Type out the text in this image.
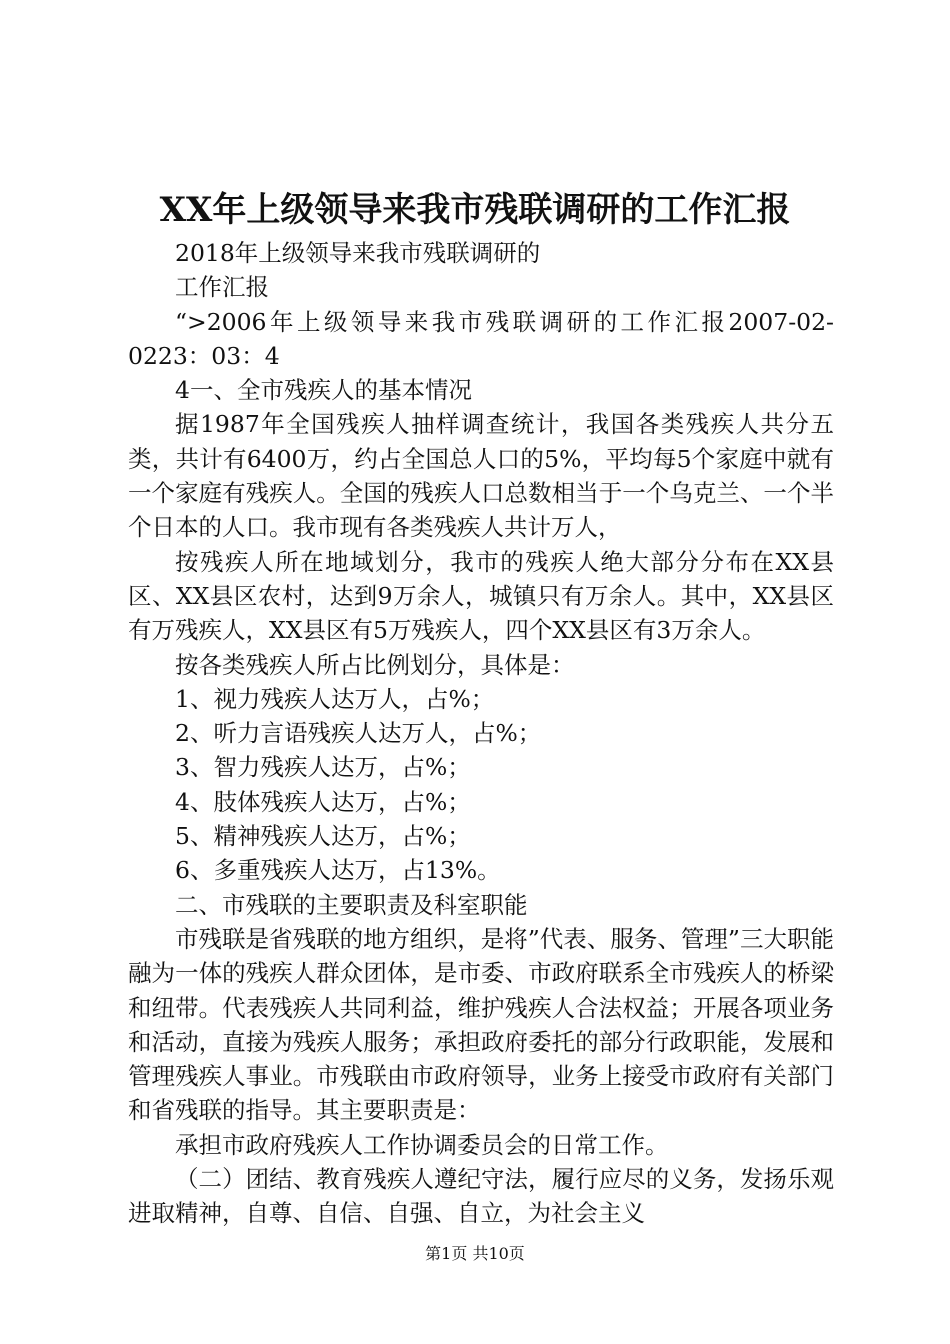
XX年上级领导来我市残联调研的工作汇报

2018年上级领导来我市残联调研的

工作汇报

“>2006年上级领导来我市残联调研的工作汇报2007-02-0223：03：4

4一、全市残疾人的基本情况

据1987年全国残疾人抽样调查统计，我国各类残疾人共分五类，共计有6400万，约占全国总人口的5%，平均每5个家庭中就有一个家庭有残疾人。全国的残疾人口总数相当于一个乌克兰、一个半个日本的人口。我市现有各类残疾人共计万人，

按残疾人所在地域划分，我市的残疾人绝大部分分布在XX县区、XX县区农村，达到9万余人，城镇只有万余人。其中，XX县区有万残疾人，XX县区有5万残疾人，四个XX县区有3万余人。

按各类残疾人所占比例划分，具体是：

1、视力残疾人达万人，占%；

2、听力言语残疾人达万人，占%；

3、智力残疾人达万，占%；

4、肢体残疾人达万，占%；

5、精神残疾人达万，占%；

6、多重残疾人达万，占13%。

二、市残联的主要职责及科室职能

市残联是省残联的地方组织，是将”代表、服务、管理”三大职能融为一体的残疾人群众团体，是市委、市政府联系全市残疾人的桥梁和纽带。代表残疾人共同利益，维护残疾人合法权益；开展各项业务和活动，直接为残疾人服务；承担政府委托的部分行政职能，发展和管理残疾人事业。市残联由市政府领导，业务上接受市政府有关部门和省残联的指导。其主要职责是：

承担市政府残疾人工作协调委员会的日常工作。

（二）团结、教育残疾人遵纪守法，履行应尽的义务，发扬乐观进取精神，自尊、自信、自强、自立，为社会主义

第1页 共10页
